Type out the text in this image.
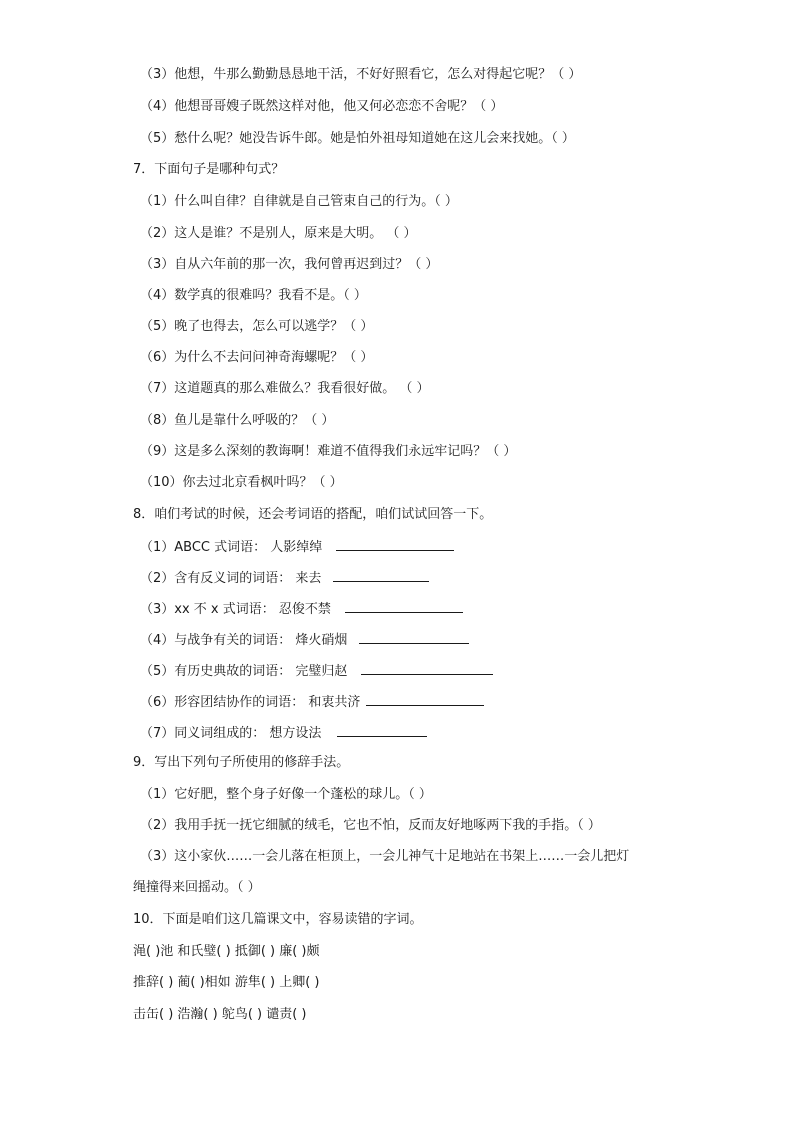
（3）他想，牛那么勤勤恳恳地干活，不好好照看它，怎么对得起它呢？（ ）
（4）他想哥哥嫂子既然这样对他，他又何必恋恋不舍呢？（ ）
（5）愁什么呢？她没告诉牛郎。她是怕外祖母知道她在这儿会来找她。（ ）
7．下面句子是哪种句式？
（1）什么叫自律？自律就是自己管束自己的行为。（ ）
（2）这人是谁？不是别人，原来是大明。 （ ）
（3）自从六年前的那一次，我何曾再迟到过？（ ）
（4）数学真的很难吗？我看不是。（ ）
（5）晚了也得去，怎么可以逃学？（ ）
（6）为什么不去问问神奇海螺呢？（ ）
（7）这道题真的那么难做么？我看很好做。 （ ）
（8）鱼儿是靠什么呼吸的？（ ）
（9）这是多么深刻的教诲啊！难道不值得我们永远牢记吗？（ ）
（10）你去过北京看枫叶吗？（ ）
8．咱们考试的时候，还会考词语的搭配，咱们试试回答一下。
（1）ABCC 式词语： 人影绰绰
（2）含有反义词的词语： 来去
（3）xx 不 x 式词语： 忍俊不禁
（4）与战争有关的词语： 烽火硝烟
（5）有历史典故的词语： 完璧归赵
（6）形容团结协作的词语： 和衷共济
（7）同义词组成的： 想方设法
9．写出下列句子所使用的修辞手法。
（1）它好肥，整个身子好像一个蓬松的球儿。（ ）
（2）我用手抚一抚它细腻的绒毛，它也不怕，反而友好地啄两下我的手指。（ ）
（3）这小家伙……一会儿落在柜顶上，一会儿神气十足地站在书架上……一会儿把灯
绳撞得来回摇动。（ ）
10．下面是咱们这几篇课文中，容易读错的字词。
渑( )池 和氏璧( ) 抵御( ) 廉( )颇
推辞( ) 蔺( )相如 游隼( ) 上卿( )
击缶( ) 浩瀚( ) 鸵鸟( ) 谴责( )
